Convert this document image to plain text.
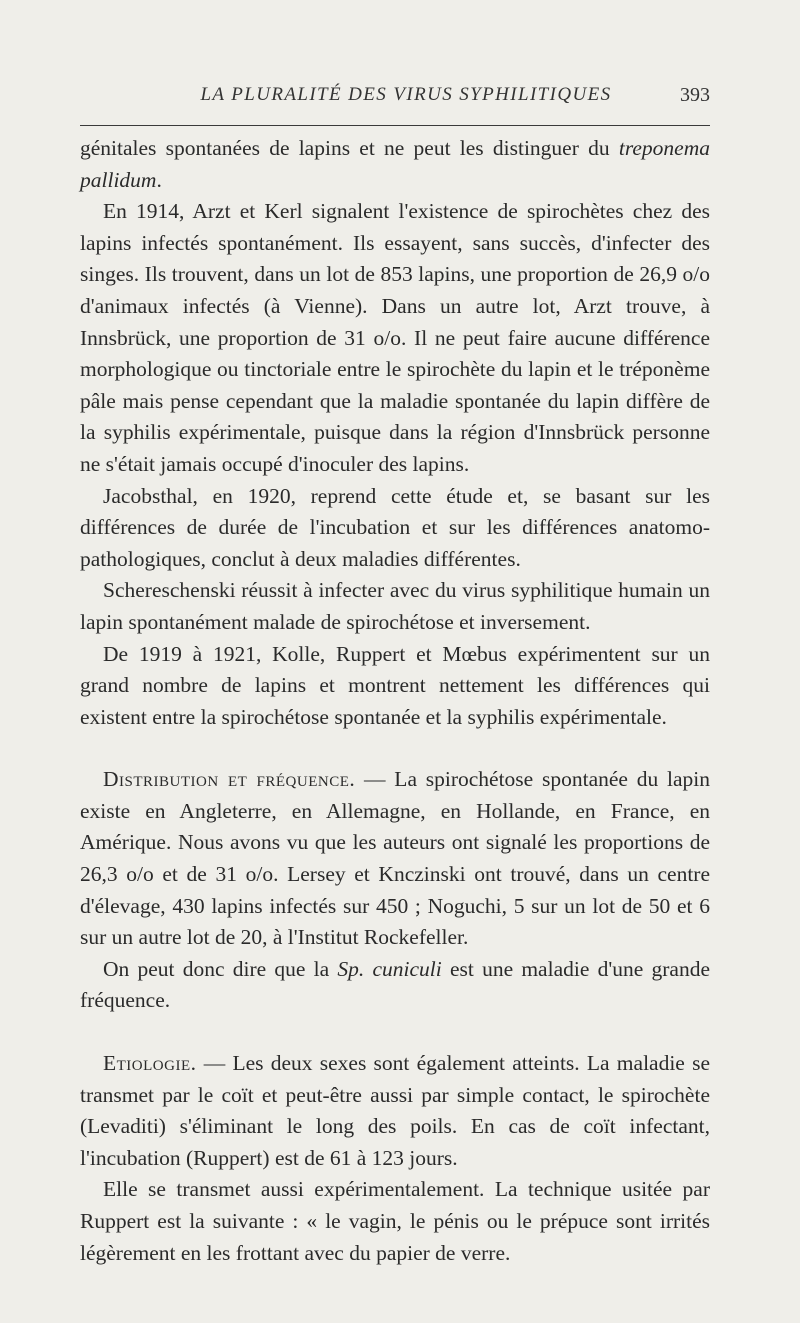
LA PLURALITÉ DES VIRUS SYPHILITIQUES	393

génitales spontanées de lapins et ne peut les distinguer du treponema pallidum.

En 1914, Arzt et Kerl signalent l'existence de spirochètes chez des lapins infectés spontanément. Ils essayent, sans succès, d'infecter des singes. Ils trouvent, dans un lot de 853 lapins, une proportion de 26,9 o/o d'animaux infectés (à Vienne). Dans un autre lot, Arzt trouve, à Innsbrück, une proportion de 31 o/o. Il ne peut faire aucune différence morphologique ou tinctoriale entre le spirochète du lapin et le tréponème pâle mais pense cependant que la maladie spontanée du lapin diffère de la syphilis expérimentale, puisque dans la région d'Innsbrück personne ne s'était jamais occupé d'inoculer des lapins.

Jacobsthal, en 1920, reprend cette étude et, se basant sur les différences de durée de l'incubation et sur les différences anatomo-pathologiques, conclut à deux maladies différentes.

Schereschenski réussit à infecter avec du virus syphilitique humain un lapin spontanément malade de spirochétose et inversement.

De 1919 à 1921, Kolle, Ruppert et Mœbus expérimentent sur un grand nombre de lapins et montrent nettement les différences qui existent entre la spirochétose spontanée et la syphilis expérimentale.

Distribution et fréquence. — La spirochétose spontanée du lapin existe en Angleterre, en Allemagne, en Hollande, en France, en Amérique. Nous avons vu que les auteurs ont signalé les proportions de 26,3 o/o et de 31 o/o. Lersey et Knczinski ont trouvé, dans un centre d'élevage, 430 lapins infectés sur 450 ; Noguchi, 5 sur un lot de 50 et 6 sur un autre lot de 20, à l'Institut Rockefeller.

On peut donc dire que la Sp. cuniculi est une maladie d'une grande fréquence.

Etiologie. — Les deux sexes sont également atteints. La maladie se transmet par le coït et peut-être aussi par simple contact, le spirochète (Levaditi) s'éliminant le long des poils. En cas de coït infectant, l'incubation (Ruppert) est de 61 à 123 jours.

Elle se transmet aussi expérimentalement. La technique usitée par Ruppert est la suivante : « le vagin, le pénis ou le prépuce sont irrités légèrement en les frottant avec du papier de verre.
